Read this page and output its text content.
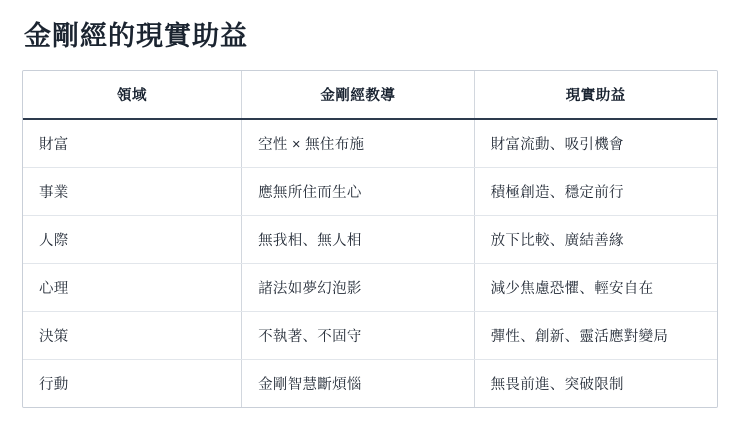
金剛經的現實助益
領域	金剛經教導	現實助益
財富	空性 × 無住布施	財富流動、吸引機會
事業	應無所住而生心	積極創造、穩定前行
人際	無我相、無人相	放下比較、廣結善緣
心理	諸法如夢幻泡影	減少焦慮恐懼、輕安自在
決策	不執著、不固守	彈性、創新、靈活應對變局
行動	金剛智慧斷煩惱	無畏前進、突破限制
